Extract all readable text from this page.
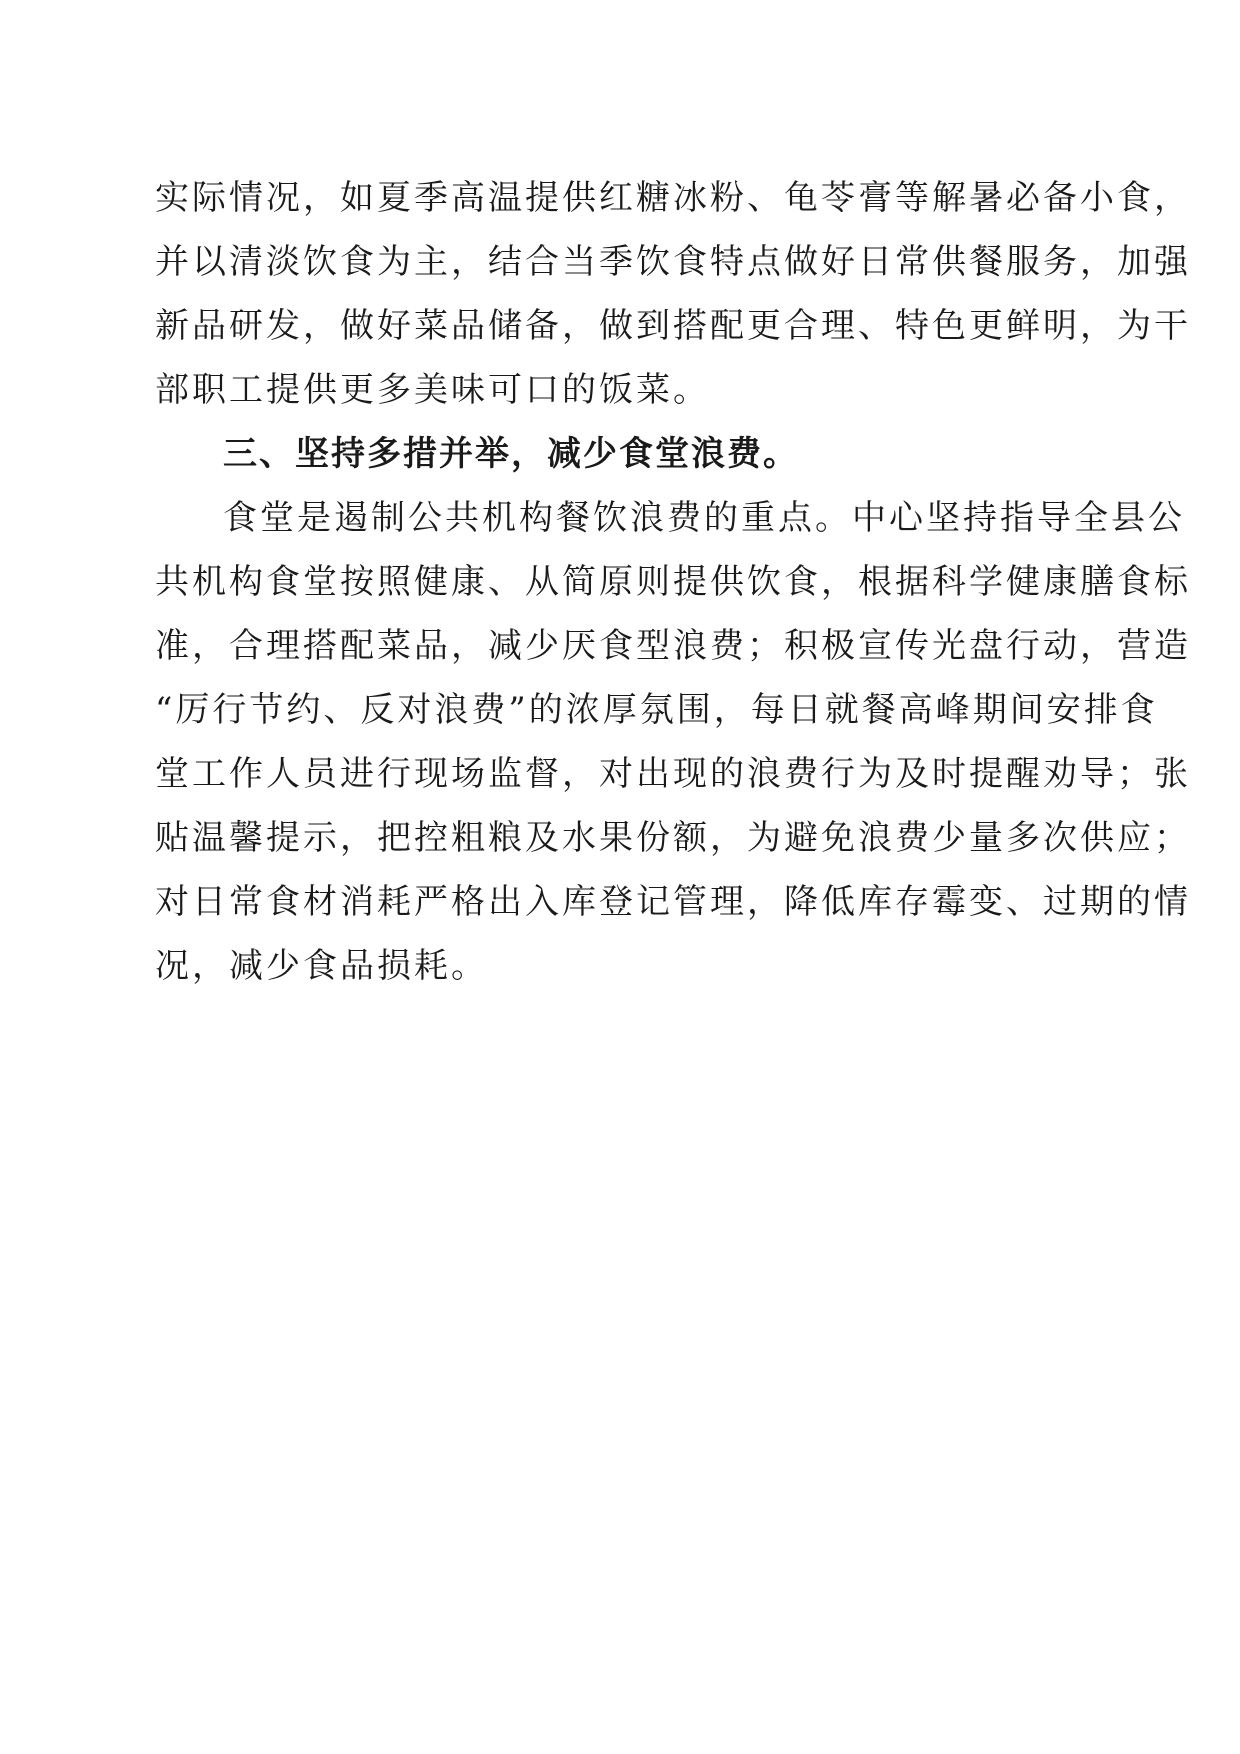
实际情况，如夏季高温提供红糖冰粉、龟苓膏等解暑必备小食，
并以清淡饮食为主，结合当季饮食特点做好日常供餐服务，加强
新品研发，做好菜品储备，做到搭配更合理、特色更鲜明，为干
部职工提供更多美味可口的饭菜。
三、坚持多措并举，减少食堂浪费。
食堂是遏制公共机构餐饮浪费的重点。中心坚持指导全县公
共机构食堂按照健康、从简原则提供饮食，根据科学健康膳食标
准，合理搭配菜品，减少厌食型浪费；积极宣传光盘行动，营造
“厉行节约、反对浪费”的浓厚氛围，每日就餐高峰期间安排食
堂工作人员进行现场监督，对出现的浪费行为及时提醒劝导；张
贴温馨提示，把控粗粮及水果份额，为避免浪费少量多次供应；
对日常食材消耗严格出入库登记管理，降低库存霉变、过期的情
况，减少食品损耗。
